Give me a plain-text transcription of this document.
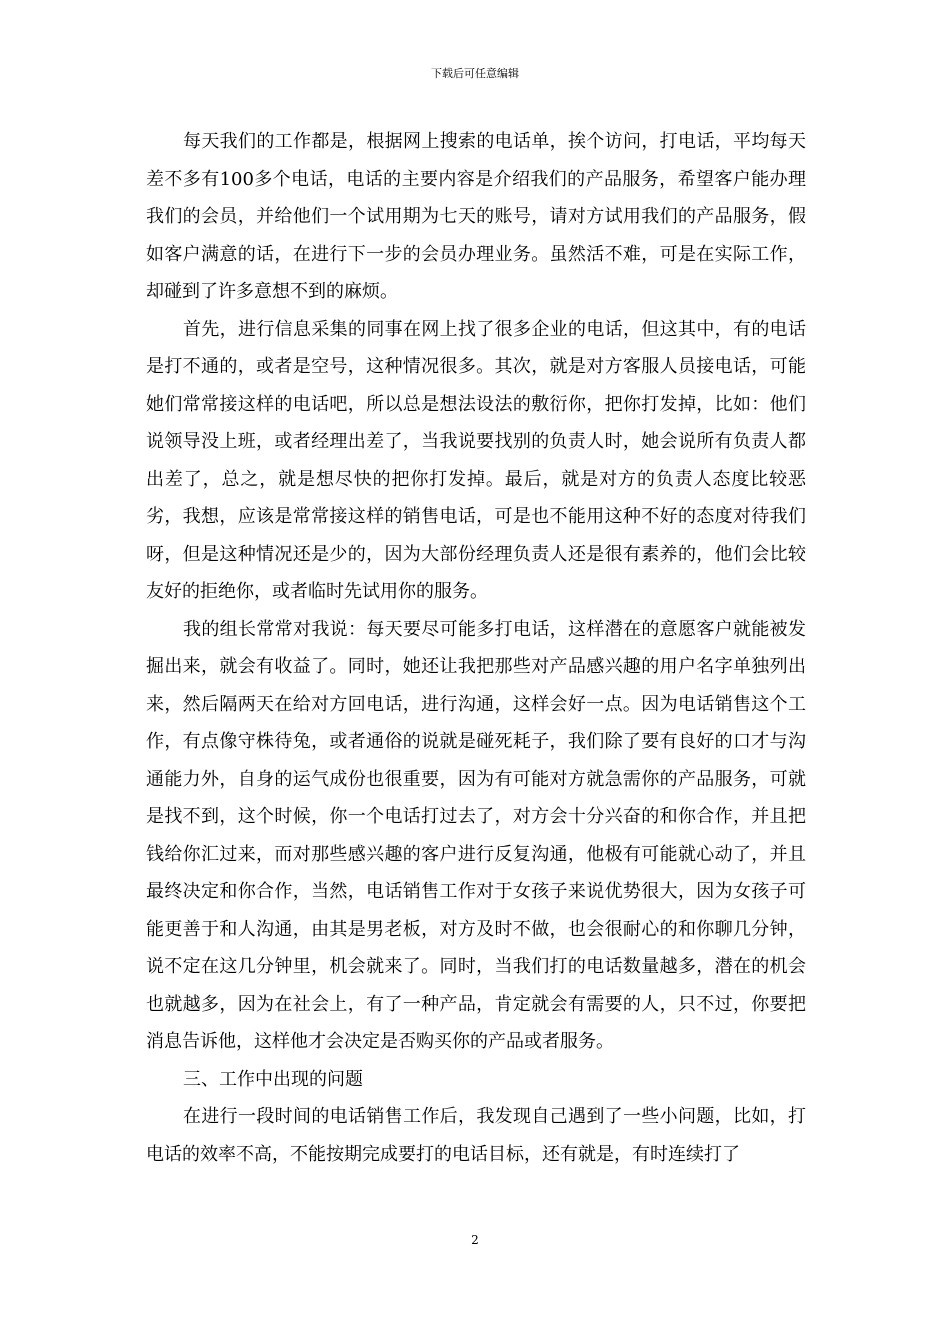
下载后可任意编辑

每天我们的工作都是，根据网上搜索的电话单，挨个访问，打电话，平均每天差不多有100多个电话，电话的主要内容是介绍我们的产品服务，希望客户能办理我们的会员，并给他们一个试用期为七天的账号，请对方试用我们的产品服务，假如客户满意的话，在进行下一步的会员办理业务。虽然活不难，可是在实际工作，却碰到了许多意想不到的麻烦。

首先，进行信息采集的同事在网上找了很多企业的电话，但这其中，有的电话是打不通的，或者是空号，这种情况很多。其次，就是对方客服人员接电话，可能她们常常接这样的电话吧，所以总是想法设法的敷衍你，把你打发掉，比如：他们说领导没上班，或者经理出差了，当我说要找别的负责人时，她会说所有负责人都出差了，总之，就是想尽快的把你打发掉。最后，就是对方的负责人态度比较恶劣，我想，应该是常常接这样的销售电话，可是也不能用这种不好的态度对待我们呀，但是这种情况还是少的，因为大部份经理负责人还是很有素养的，他们会比较友好的拒绝你，或者临时先试用你的服务。

我的组长常常对我说：每天要尽可能多打电话，这样潜在的意愿客户就能被发掘出来，就会有收益了。同时，她还让我把那些对产品感兴趣的用户名字单独列出来，然后隔两天在给对方回电话，进行沟通，这样会好一点。因为电话销售这个工作，有点像守株待兔，或者通俗的说就是碰死耗子，我们除了要有良好的口才与沟通能力外，自身的运气成份也很重要，因为有可能对方就急需你的产品服务，可就是找不到，这个时候，你一个电话打过去了，对方会十分兴奋的和你合作，并且把钱给你汇过来，而对那些感兴趣的客户进行反复沟通，他极有可能就心动了，并且最终决定和你合作，当然，电话销售工作对于女孩子来说优势很大，因为女孩子可能更善于和人沟通，由其是男老板，对方及时不做，也会很耐心的和你聊几分钟，说不定在这几分钟里，机会就来了。同时，当我们打的电话数量越多，潜在的机会也就越多，因为在社会上，有了一种产品，肯定就会有需要的人，只不过，你要把消息告诉他，这样他才会决定是否购买你的产品或者服务。

三、工作中出现的问题

在进行一段时间的电话销售工作后，我发现自己遇到了一些小问题，比如，打电话的效率不高，不能按期完成要打的电话目标，还有就是，有时连续打了

2
